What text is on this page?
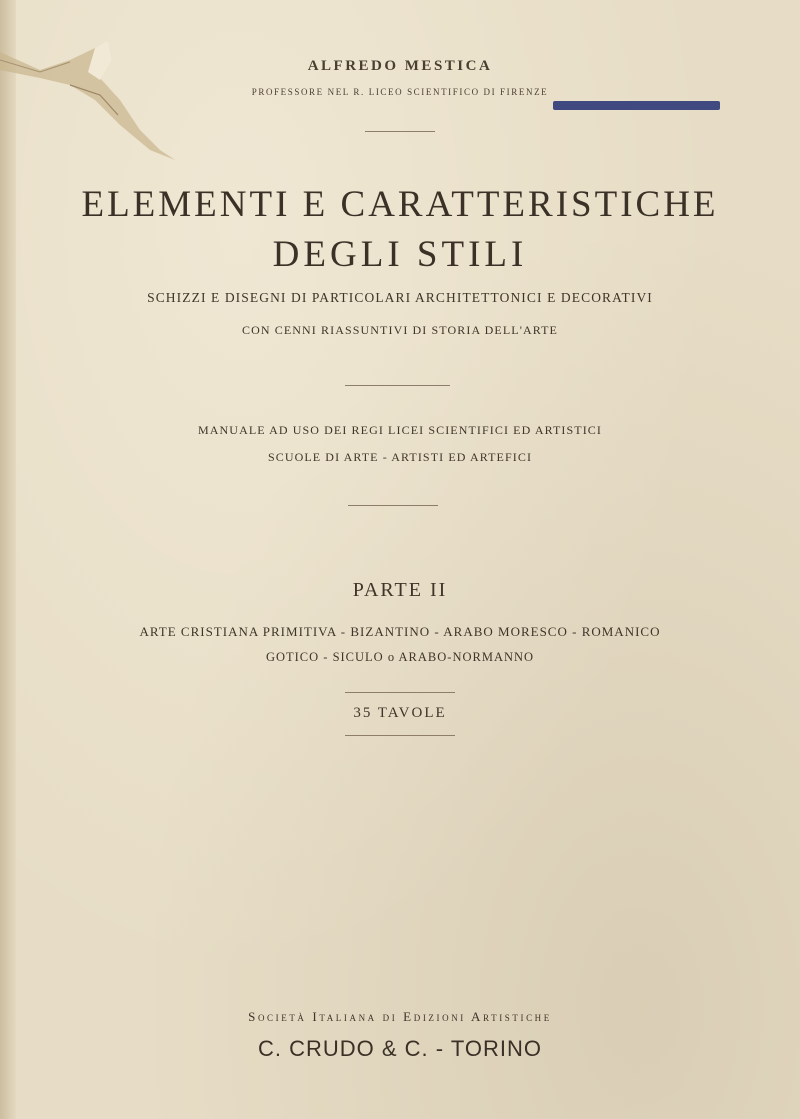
ALFREDO MESTICA
PROFESSORE NEL R. LICEO SCIENTIFICO DI FIRENZE
ELEMENTI E CARATTERISTICHE
DEGLI STILI
SCHIZZI E DISEGNI DI PARTICOLARI ARCHITETTONICI E DECORATIVI
CON CENNI RIASSUNTIVI DI STORIA DELL'ARTE
MANUALE AD USO DEI REGI LICEI SCIENTIFICI ED ARTISTICI
SCUOLE DI ARTE - ARTISTI ED ARTEFICI
PARTE II
ARTE CRISTIANA PRIMITIVA - BIZANTINO - ARABO MORESCO - ROMANICO
GOTICO - SICULO o ARABO-NORMANNO
35 TAVOLE
Società Italiana di Edizioni Artistiche
C. CRUDO & C. - TORINO
